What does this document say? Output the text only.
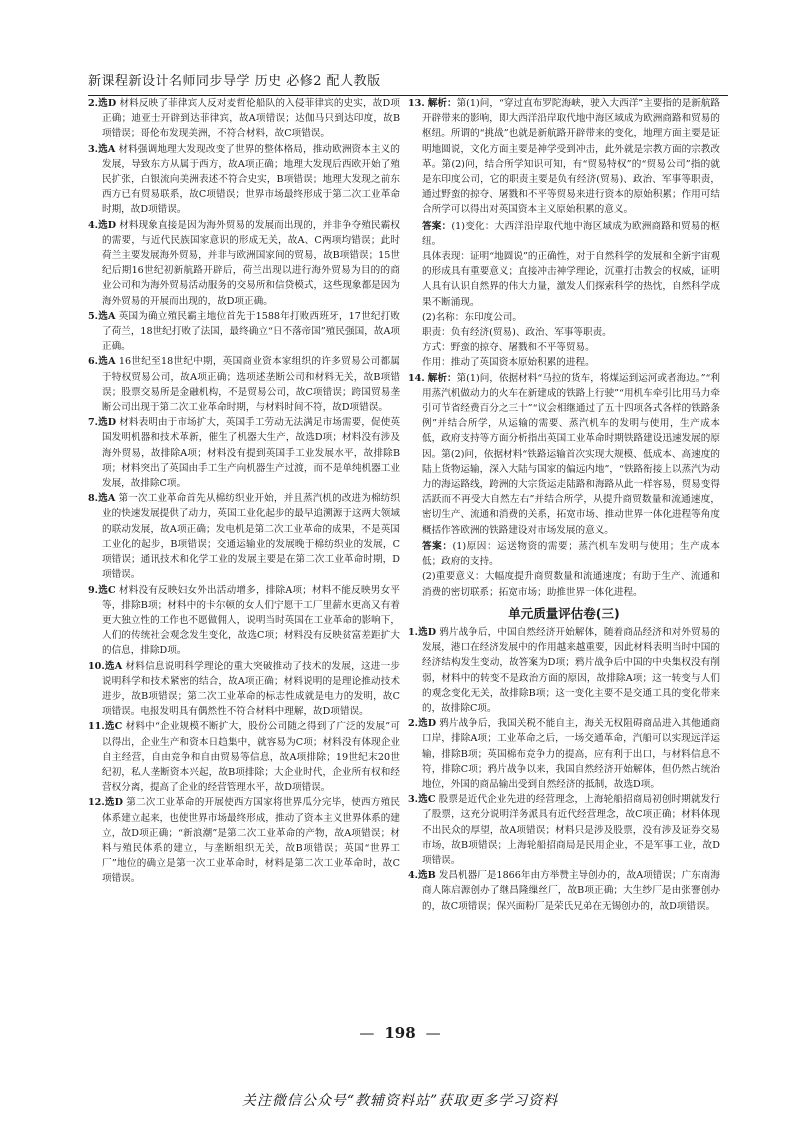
新课程新设计名师同步导学 历史 必修2 配人教版
2.选D 材料反映了菲律宾人反对麦哲伦船队的入侵菲律宾的史实，故D项正确；迪亚士开辟到达菲律宾，故A项错误；达伽马只到达印度，故B项错误；哥伦布发现美洲，不符合材料，故C项错误。
3.选A 材料强调地理大发现改变了世界的整体格局，推动欧洲资本主义的发展，导致东方从属于西方，故A项正确；地理大发现后西欧开始了殖民扩张，白银流向美洲表述不符合史实，B项错误；地理大发现之前东西方已有贸易联系，故C项错误；世界市场最终形成于第二次工业革命时期，故D项错误。
4.选D 材料现象直接是因为海外贸易的发展而出现的，并非争夺殖民霸权的需要，与近代民族国家意识的形成无关，故A、C两项均错误；此时荷兰主要发展海外贸易，并非与欧洲国家间的贸易，故B项错误；15世纪后期16世纪初新航路开辟后，荷兰出现以进行海外贸易为目的的商业公司和为海外贸易活动服务的交易所和信贷模式，这些现象都是因为海外贸易的开展而出现的，故D项正确。
5.选A 英国为确立殖民霸主地位首先于1588年打败西班牙，17世纪打败了荷兰，18世纪打败了法国，最终确立“日不落帝国”殖民强国，故A项正确。
6.选A 16世纪至18世纪中期，英国商业资本家组织的许多贸易公司都属于特权贸易公司，故A项正确；选项述垄断公司和材料无关，故B项错误；股票交易所是金融机构，不是贸易公司，故C项错误；跨国贸易垄断公司出现于第二次工业革命时期，与材料时间不符，故D项错误。
7.选D 材料表明由于市场扩大，英国手工劳动无法满足市场需要，促使英国发明机器和技术革新，催生了机器大生产，故选D项；材料没有涉及海外贸易，故排除A项；材料没有提到英国手工业发展水平，故排除B项；材料突出了英国由手工生产向机器生产过渡，而不是单纯机器工业发展，故排除C项。
8.选A 第一次工业革命首先从棉纺织业开始，并且蒸汽机的改进为棉纺织业的快速发展提供了动力，英国工业化起步的最早追溯源于这两大领域的联动发展，故A项正确；发电机是第二次工业革命的成果，不是英国工业化的起步，B项错误；交通运输业的发展晚于棉纺织业的发展，C项错误；通讯技术和化学工业的发展主要是在第二次工业革命时期，D项错误。
9.选C 材料没有反映妇女外出活动增多，排除A项；材料不能反映男女平等，排除B项；材料中的卡尔顿的女人们宁愿干工厂里薪水更高又有着更大独立性的工作也不愿做佣人，说明当时英国在工业革命的影响下，人们的传统社会观念发生变化，故选C项；材料没有反映贫富差距扩大的信息，排除D项。
10.选A 材料信息说明科学理论的重大突破推动了技术的发展，这进一步说明科学和技术紧密的结合，故A项正确；材料说明的是理论推动技术进步，故B项错误；第二次工业革命的标志性成就是电力的发明，故C项错误。电报发明具有偶然性不符合材料中理解，故D项错误。
11.选C 材料中“企业规模不断扩大，股份公司随之得到了广泛的发展”可以得出，企业生产和资本日趋集中，就容易为C项；材料没有体现企业自主经营，自由竞争和自由贸易等信息，故A项排除；19世纪末20世纪初，私人垄断资本兴起，故B项排除；大企业时代，企业所有权和经营权分离，提高了企业的经营管理水平，故D项错误。
12.选D 第二次工业革命的开展使西方国家将世界瓜分完毕，使西方殖民体系建立起来，也使世界市场最终形成，推动了资本主义世界体系的建立，故D项正确；“新浪潮”是第二次工业革命的产物，故A项错误；材料与殖民体系的建立，与垄断组织无关，故B项错误；英国“世界工厂”地位的确立是第一次工业革命时，材料是第二次工业革命时，故C项错误。
13. 解析：第(1)问，“穿过直布罗陀海峡，驶入大西洋”主要指的是新航路开辟带来的影响，即大西洋沿岸取代地中海区域成为欧洲商路和贸易的枢纽。所谓的“挑战”也就是新航路开辟带来的变化，地理方面主要是证明地圆说，文化方面主要是神学受到冲击，此外就是宗教方面的宗教改革。第(2)问，结合所学知识可知，有“贸易特权”的“贸易公司”指的就是东印度公司，它的职责主要是负有经济(贸易)、政治、军事等职责，通过野蛮的掠夺、屠戮和不平等贸易来进行资本的原始积累；作用可结合所学可以得出对英国资本主义原始积累的意义。

答案：(1)变化：大西洋沿岸取代地中海区域成为欧洲商路和贸易的枢纽。

具体表现：证明“地圆说”的正确性，对于自然科学的发展和全新宇宙观的形成具有重要意义；直接冲击神学理论，沉重打击教会的权威，证明人具有认识自然界的伟大力量，激发人们探索科学的热忱，自然科学成果不断涌现。

(2)名称：东印度公司。

职责：负有经济(贸易)、政治、军事等职责。

方式：野蛮的掠夺、屠戮和不平等贸易。

作用：推动了英国资本原始积累的进程。

14. 解析：第(1)问，依据材料“马拉的货车，将煤运到运河或者海边。”“利用蒸汽机做动力的火车在新建成的铁路上行驶”“用机车牵引比用马力牵引可节省经费百分之三十”“议会相继通过了五十四项各式各样的铁路条例”并结合所学，从运输的需要、蒸汽机车的发明与使用，生产成本低，政府支持等方面分析指出英国工业革命时期铁路建设迅速发展的原因。第(2)问，依据材料“铁路运输首次实现大规模、低成本、高速度的陆上货物运输，深入大陆与国家的偏远内地”，“铁路衔接上以蒸汽为动力的海运路线，跨洲的大宗货运走陆路和海路从此一样容易，贸易变得活跃而不再受大自然左右”并结合所学，从提升商贸数量和流通速度，密切生产、流通和消费的关系，拓宽市场、推动世界一体化进程等角度概括作答欧洲的铁路建设对市场发展的意义。

答案：(1)原因：运送物资的需要；蒸汽机车发明与使用；生产成本低；政府的支持。

(2)重要意义：大幅度提升商贸数量和流通速度；有助于生产、流通和消费的密切联系；拓宽市场；助推世界一体化进程。

单元质量评估卷(三)
1.选D 鸦片战争后，中国自然经济开始解体，随着商品经济和对外贸易的发展，港口在经济发展中的作用越来越重要，因此材料表明当时中国的经济结构发生变动，故答案为D项；鸦片战争后中国的中央集权没有削弱，材料中的转变不是政治方面的原因，故排除A项；这一转变与人们的观念变化无关，故排除B项；这一变化主要不是交通工具的变化带来的，故排除C项。
2.选D 鸦片战争后，我国关税不能自主，海关无权阻碍商品进入其他通商口岸，排除A项；工业革命之后，一场交通革命，汽船可以实现远洋运输，排除B项；英国棉布竞争力的提高，应有利于出口，与材料信息不符，排除C项；鸦片战争以来，我国自然经济开始解体，但仍然占统治地位，外国的商品输出受到自然经济的抵制，故选D项。
3.选C 股票是近代企业先进的经营理念，上海轮船招商局初创时期就发行了股票，这充分说明洋务派具有近代经营理念，故C项正确；材料体现不出民众的厚望，故A项错误；材料只是涉及股票，没有涉及证券交易市场，故B项错误；上海轮船招商局是民用企业，不是军事工业，故D项错误。
4.选B 发昌机器厂是1866年由方举赞主导创办的，故A项错误；广东南海商人陈启源创办了继昌隆缫丝厂，故B项正确；大生纱厂是由张謇创办的，故C项错误；保兴面粉厂是荣氏兄弟在无锡创办的，故D项错误。
— 198 —
关注微信公众号“教辅资料站”获取更多学习资料
